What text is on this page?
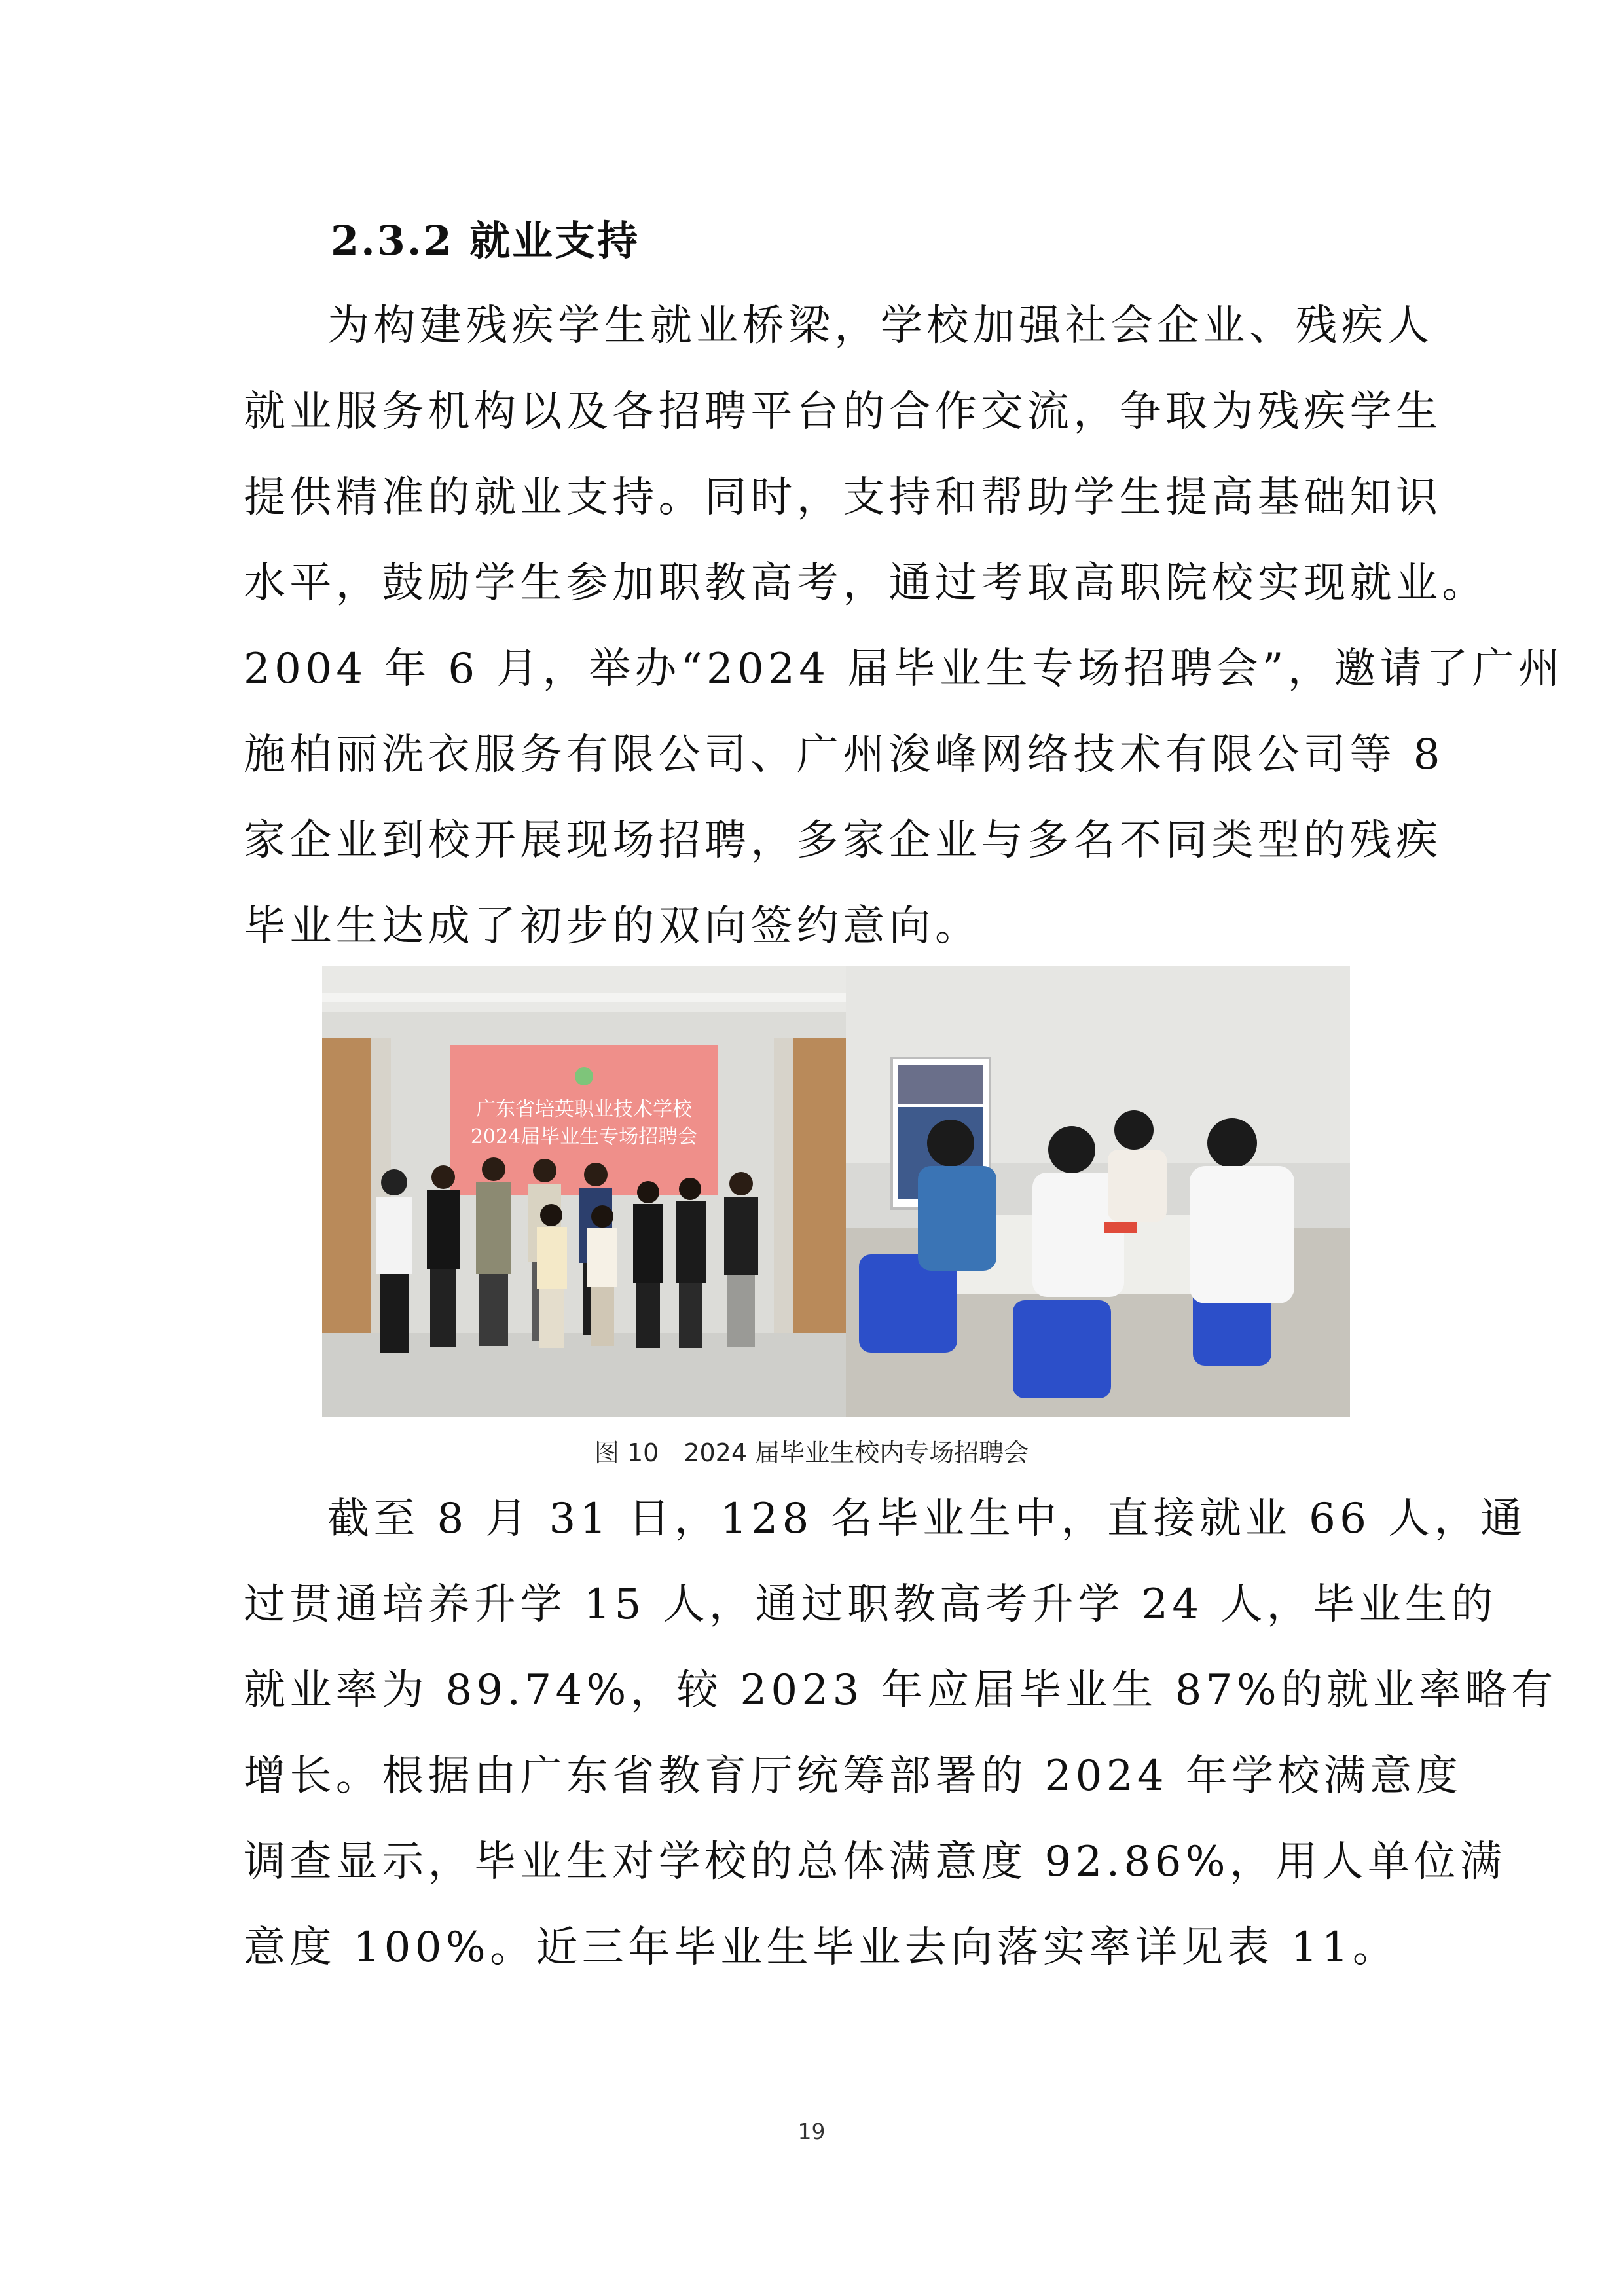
2.3.2 就业支持
为构建残疾学生就业桥梁，学校加强社会企业、残疾人
就业服务机构以及各招聘平台的合作交流，争取为残疾学生
提供精准的就业支持。同时，支持和帮助学生提高基础知识
水平，鼓励学生参加职教高考，通过考取高职院校实现就业。
2004 年 6 月，举办“2024 届毕业生专场招聘会”，邀请了广州
施柏丽洗衣服务有限公司、广州浚峰网络技术有限公司等 8
家企业到校开展现场招聘，多家企业与多名不同类型的残疾
毕业生达成了初步的双向签约意向。
广东省培英职业技术学校
2024届毕业生专场招聘会
图 10　2024 届毕业生校内专场招聘会
截至 8 月 31 日，128 名毕业生中，直接就业 66 人，通
过贯通培养升学 15 人，通过职教高考升学 24 人，毕业生的
就业率为 89.74%，较 2023 年应届毕业生 87%的就业率略有
增长。根据由广东省教育厅统筹部署的 2024 年学校满意度
调查显示，毕业生对学校的总体满意度 92.86%，用人单位满
意度 100%。近三年毕业生毕业去向落实率详见表 11。
19
